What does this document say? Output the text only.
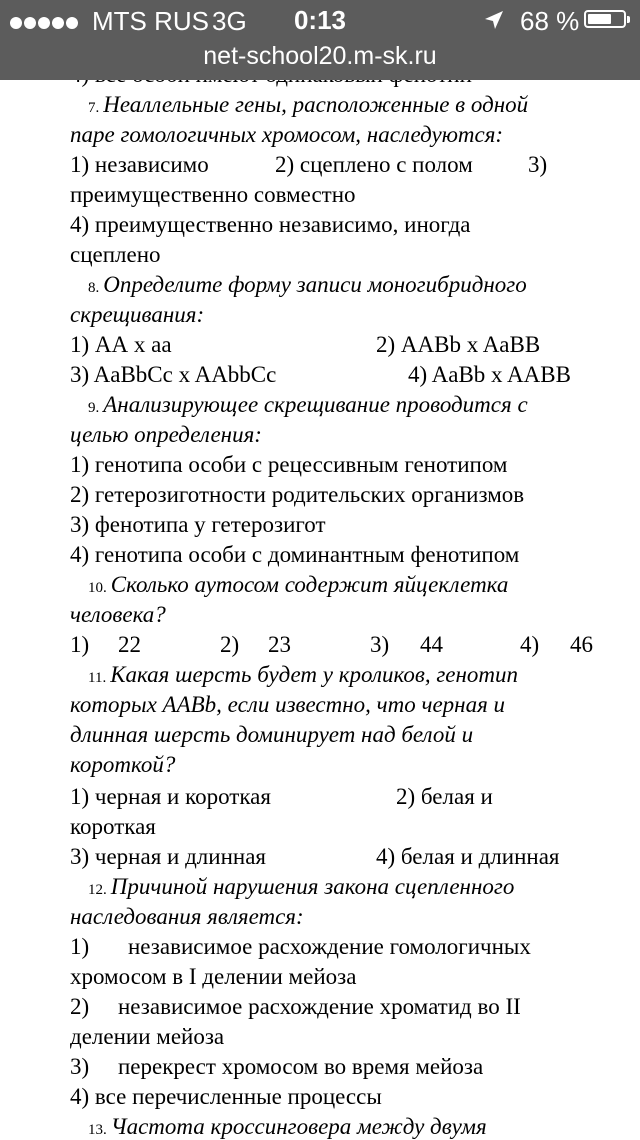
7. Неаллельные гены, расположенные в одной
паре гомологичных хромосом, наследуются:
1) независимо	2) сцеплено с полом 3)
преимущественно совместно
4) преимущественно независимо, иногда
сцеплено
8. Определите форму записи моногибридного
скрещивания:
1) АА х аа	2) ААВb x AaBB
3) AaBbCc x AAbbCc	4) AaBb x AABB
9. Анализирующее скрещивание проводится с
целью определения:
1) генотипа особи с рецессивным генотипом
2) гетерозиготности родительских организмов
3) фенотипа у гетерозигот
4) генотипа особи с доминантным фенотипом
10. Сколько аутосом содержит яйцеклетка
человека?
1) 22	2) 23	3) 44	4) 46
11. Какая шерсть будет у кроликов, генотип
которых AABb, если известно, что черная и
длинная шерсть доминирует над белой и
короткой?
1) черная и короткая	2) белая и
короткая
3) черная и длинная	4) белая и длинная
12. Причиной нарушения закона сцепленного
наследования является:
1) независимое расхождение гомологичных
хромосом в I делении мейоза
2) независимое расхождение хроматид во II
делении мейоза
3) перекрест хромосом во время мейоза
4) все перечисленные процессы
13. Частота кроссинговера между двумя
MTS RUS 3G	0:13	68 %
net-school20.m-sk.ru
